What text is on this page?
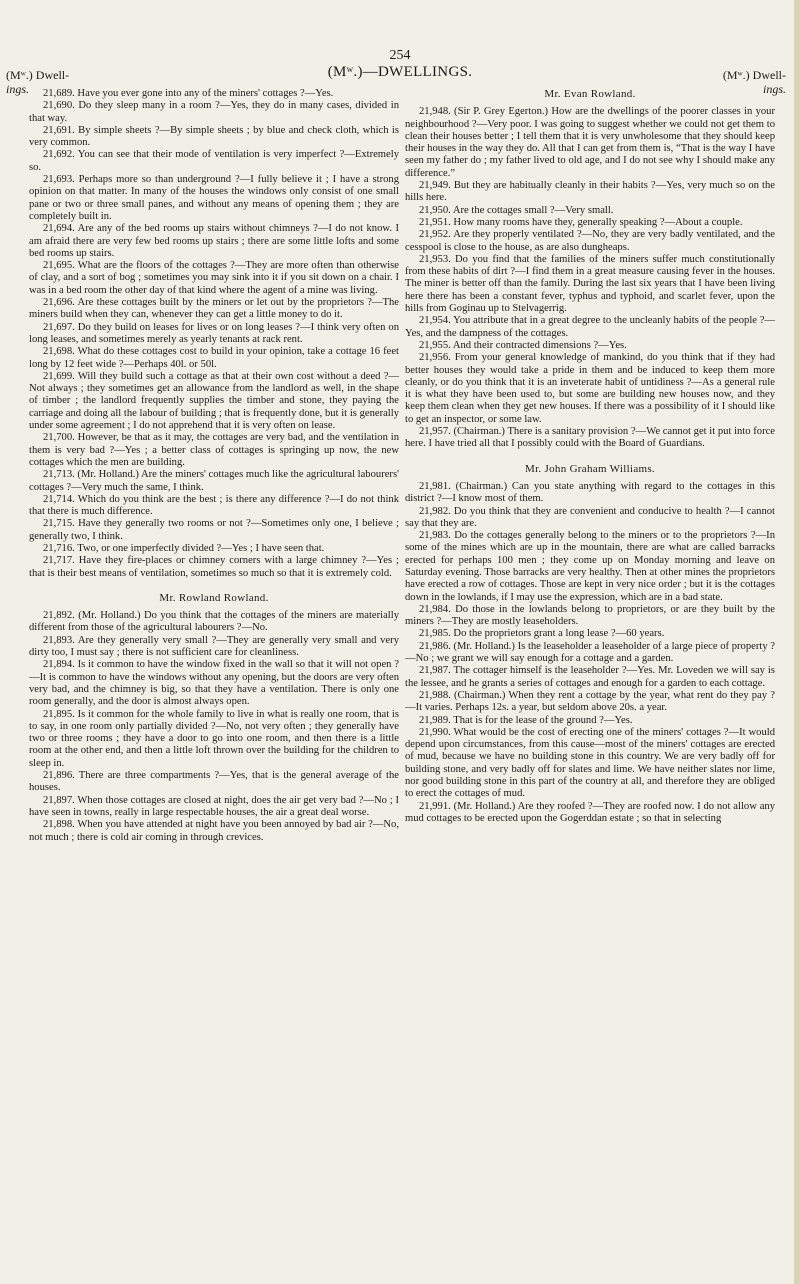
254
(Mʷ.) Dwell-
ings.
(Mʷ.)—DWELLINGS.	(Mʷ.) Dwell-
ings.

21,689. Have you ever gone into any of the miners' cottages ?—Yes.

21,690. Do they sleep many in a room ?—Yes, they do in many cases, divided in that way.

21,691. By simple sheets ?—By simple sheets ; by blue and check cloth, which is very common.

21,692. You can see that their mode of ventilation is very imperfect ?—Extremely so.

21,693. Perhaps more so than underground ?—I fully believe it ; I have a strong opinion on that matter. In many of the houses the windows only consist of one small pane or two or three small panes, and without any means of opening them ; they are completely built in.

21,694. Are any of the bed rooms up stairs without chimneys ?—I do not know. I am afraid there are very few bed rooms up stairs ; there are some little lofts and some bed rooms up stairs.

21,695. What are the floors of the cottages ?—They are more often than otherwise of clay, and a sort of bog ; sometimes you may sink into it if you sit down on a chair. I was in a bed room the other day of that kind where the agent of a mine was living.

21,696. Are these cottages built by the miners or let out by the proprietors ?—The miners build when they can, whenever they can get a little money to do it.

21,697. Do they build on leases for lives or on long leases ?—I think very often on long leases, and sometimes merely as yearly tenants at rack rent.

21,698. What do these cottages cost to build in your opinion, take a cottage 16 feet long by 12 feet wide ?—Perhaps 40l. or 50l.

21,699. Will they build such a cottage as that at their own cost without a deed ?—Not always ; they sometimes get an allowance from the landlord as well, in the shape of timber ; the landlord frequently supplies the timber and stone, they paying the carriage and doing all the labour of building ; that is frequently done, but it is generally under some agreement ; I do not apprehend that it is very often on lease.

21,700. However, be that as it may, the cottages are very bad, and the ventilation in them is very bad ?—Yes ; a better class of cottages is springing up now, the new cottages which the men are building.

21,713. (Mr. Holland.) Are the miners' cottages much like the agricultural labourers' cottages ?—Very much the same, I think.

21,714. Which do you think are the best ; is there any difference ?—I do not think that there is much difference.

21,715. Have they generally two rooms or not ?—Sometimes only one, I believe ; generally two, I think.

21,716. Two, or one imperfectly divided ?—Yes ; I have seen that.

21,717. Have they fire-places or chimney corners with a large chimney ?—Yes ; that is their best means of ventilation, sometimes so much so that it is extremely cold.

Mr. Rowland Rowland.

21,892. (Mr. Holland.) Do you think that the cottages of the miners are materially different from those of the agricultural labourers ?—No.

21,893. Are they generally very small ?—They are generally very small and very dirty too, I must say ; there is not sufficient care for cleanliness.

21,894. Is it common to have the window fixed in the wall so that it will not open ?—It is common to have the windows without any opening, but the doors are very often very bad, and the chimney is big, so that they have a ventilation. There is only one room generally, and the door is almost always open.

21,895. Is it common for the whole family to live in what is really one room, that is to say, in one room only partially divided ?—No, not very often ; they generally have two or three rooms ; they have a door to go into one room, and then there is a little room at the other end, and then a little loft thrown over the building for the children to sleep in.

21,896. There are three compartments ?—Yes, that is the general average of the houses.

21,897. When those cottages are closed at night, does the air get very bad ?—No ; I have seen in towns, really in large respectable houses, the air a great deal worse.

21,898. When you have attended at night have you been annoyed by bad air ?—No, not much ; there is cold air coming in through crevices.

Mr. Evan Rowland.

21,948. (Sir P. Grey Egerton.) How are the dwellings of the poorer classes in your neighbourhood ?—Very poor. I was going to suggest whether we could not get them to clean their houses better ; I tell them that it is very unwholesome that they should keep their houses in the way they do. All that I can get from them is, “That is the way I have seen my father do ; my father lived to old age, and I do not see why I should make any difference.”

21,949. But they are habitually cleanly in their habits ?—Yes, very much so on the hills here.

21,950. Are the cottages small ?—Very small.

21,951. How many rooms have they, generally speaking ?—About a couple.

21,952. Are they properly ventilated ?—No, they are very badly ventilated, and the cesspool is close to the house, as are also dungheaps.

21,953. Do you find that the families of the miners suffer much constitutionally from these habits of dirt ?—I find them in a great measure causing fever in the houses. The miner is better off than the family. During the last six years that I have been living here there has been a constant fever, typhus and typhoid, and scarlet fever, upon the hills from Goginau up to Stelvagerrig.

21,954. You attribute that in a great degree to the uncleanly habits of the people ?—Yes, and the dampness of the cottages.

21,955. And their contracted dimensions ?—Yes.

21,956. From your general knowledge of mankind, do you think that if they had better houses they would take a pride in them and be induced to keep them more cleanly, or do you think that it is an inveterate habit of untidiness ?—As a general rule it is what they have been used to, but some are building new houses now, and they keep them clean when they get new houses. If there was a possibility of it I should like to get an inspector, or some law.

21,957. (Chairman.) There is a sanitary provision ?—We cannot get it put into force here. I have tried all that I possibly could with the Board of Guardians.

Mr. John Graham Williams.

21,981. (Chairman.) Can you state anything with regard to the cottages in this district ?—I know most of them.

21,982. Do you think that they are convenient and conducive to health ?—I cannot say that they are.

21,983. Do the cottages generally belong to the miners or to the proprietors ?—In some of the mines which are up in the mountain, there are what are called barracks erected for perhaps 100 men ; they come up on Monday morning and leave on Saturday evening. Those barracks are very healthy. Then at other mines the proprietors have erected a row of cottages. Those are kept in very nice order ; but it is the cottages down in the lowlands, if I may use the expression, which are in a bad state.

21,984. Do those in the lowlands belong to proprietors, or are they built by the miners ?—They are mostly leaseholders.

21,985. Do the proprietors grant a long lease ?—60 years.

21,986. (Mr. Holland.) Is the leaseholder a leaseholder of a large piece of property ?—No ; we grant we will say enough for a cottage and a garden.

21,987. The cottager himself is the leaseholder ?—Yes. Mr. Loveden we will say is the lessee, and he grants a series of cottages and enough for a garden to each cottage.

21,988. (Chairman.) When they rent a cottage by the year, what rent do they pay ?—It varies. Perhaps 12s. a year, but seldom above 20s. a year.

21,989. That is for the lease of the ground ?—Yes.

21,990. What would be the cost of erecting one of the miners' cottages ?—It would depend upon circumstances, from this cause—most of the miners' cottages are erected of mud, because we have no building stone in this country. We are very badly off for building stone, and very badly off for slates and lime. We have neither slates nor lime, nor good building stone in this part of the country at all, and therefore they are obliged to erect the cottages of mud.

21,991. (Mr. Holland.) Are they roofed ?—They are roofed now. I do not allow any mud cottages to be erected upon the Gogerddan estate ; so that in selecting
